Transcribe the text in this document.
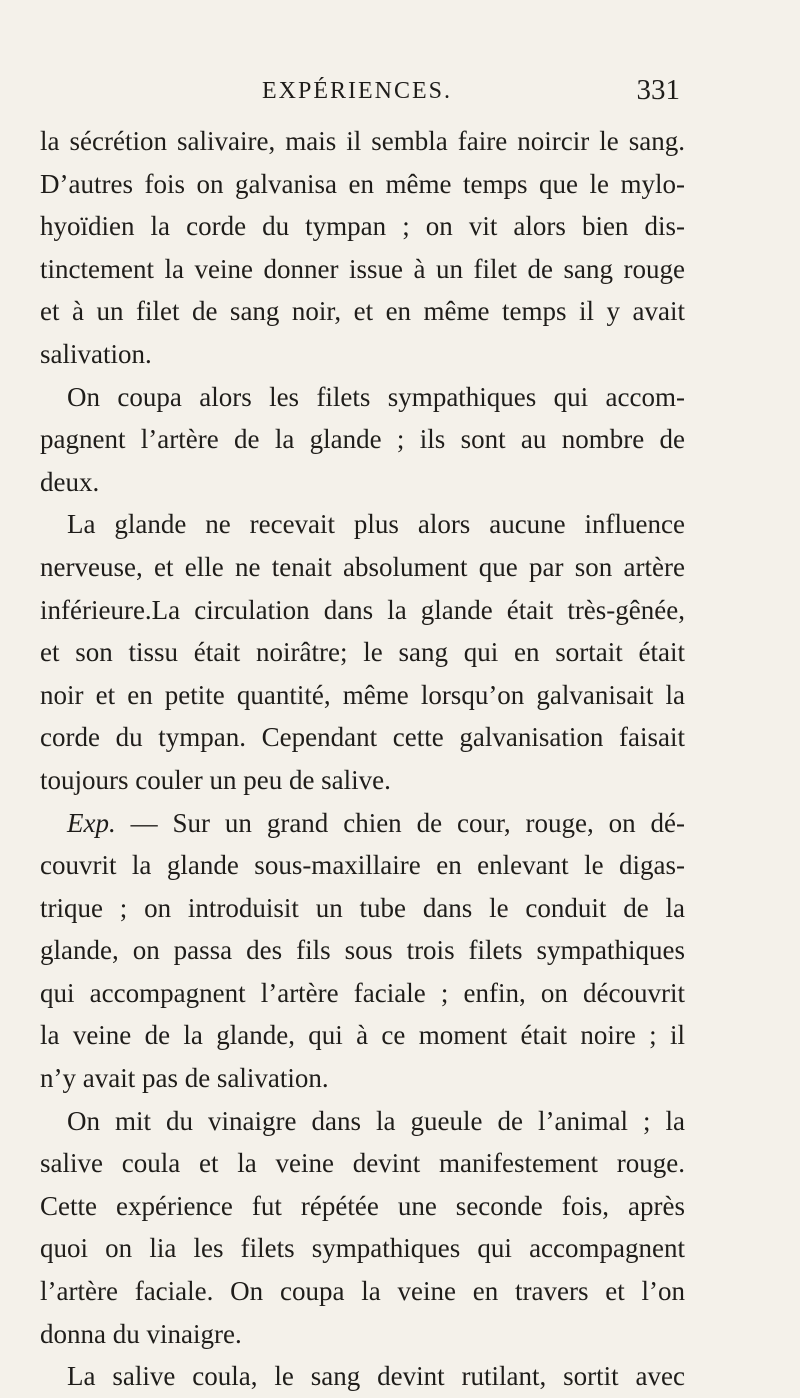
EXPÉRIENCES.	331
la sécrétion salivaire, mais il sembla faire noircir le sang.
D’autres fois on galvanisa en même temps que le mylo-
hyoïdien la corde du tympan ; on vit alors bien dis-
tinctement la veine donner issue à un filet de sang rouge
et à un filet de sang noir, et en même temps il y avait
salivation.
On coupa alors les filets sympathiques qui accom-
pagnent l’artère de la glande ; ils sont au nombre de
deux.
La glande ne recevait plus alors aucune influence
nerveuse, et elle ne tenait absolument que par son artère
inférieure.La circulation dans la glande était très-gênée,
et son tissu était noirâtre; le sang qui en sortait était
noir et en petite quantité, même lorsqu’on galvanisait la
corde du tympan. Cependant cette galvanisation faisait
toujours couler un peu de salive.
Exp. — Sur un grand chien de cour, rouge, on dé-
couvrit la glande sous-maxillaire en enlevant le digas-
trique ; on introduisit un tube dans le conduit de la
glande, on passa des fils sous trois filets sympathiques
qui accompagnent l’artère faciale ; enfin, on découvrit
la veine de la glande, qui à ce moment était noire ; il
n’y avait pas de salivation.
On mit du vinaigre dans la gueule de l’animal ; la
salive coula et la veine devint manifestement rouge.
Cette expérience fut répétée une seconde fois, après
quoi on lia les filets sympathiques qui accompagnent
l’artère faciale. On coupa la veine en travers et l’on
donna du vinaigre.
La salive coula, le sang devint rutilant, sortit avec
